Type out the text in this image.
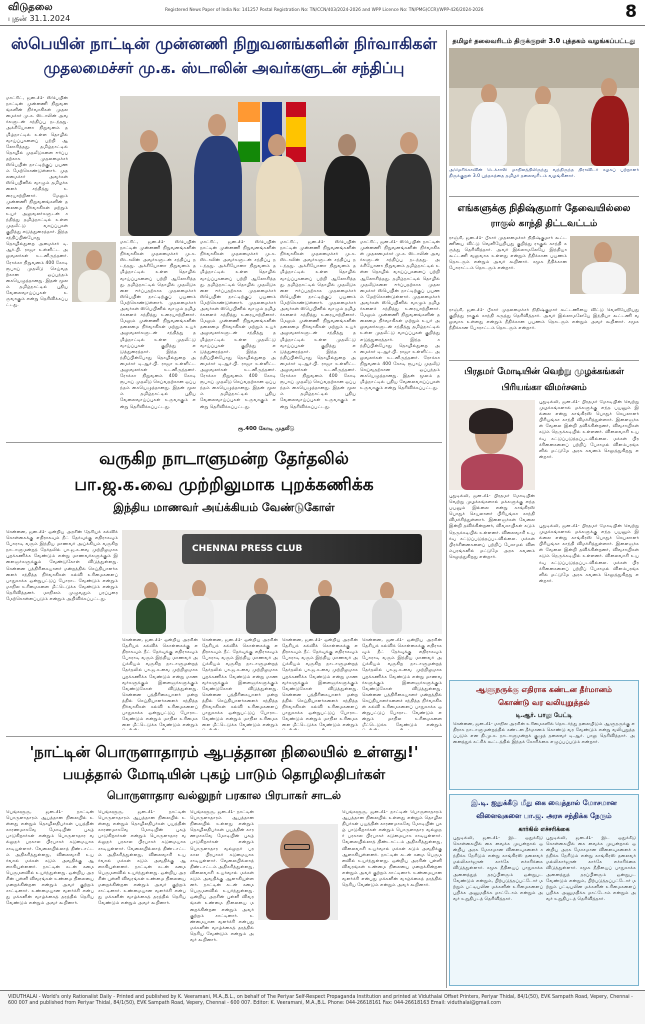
விடுதலை
புதன் 31.1.2024
Registered News Paper of India No: 141257 Postal Registration No: TN/CCN/403/2024-2026 and WPP Licence No: TN/PMG(CCR)/WPP-426/2024-2026	8
ஸ்பெயின் நாட்டின் முன்னணி நிறுவனங்களின் நிர்வாகிகள்
முதலமைச்சர் மு.க. ஸ்டாலின் அவர்களுடன் சந்திப்பு
மாட்ரிட், ஜன.31- ஸ்பெயின் நாட்டின் முன்னணி நிறுவனங்களின் நிர்வாகிகள் முதலமைச்சர் மு.க. ஸ்டாலின் அவர்களுடன் சந்திப்பு நடந்தது. அக்சியோனா நிறுவனம் தமிழ்நாட்டில் உள்ள தொழில் வாய்ப்புகளைப் பற்றி ஆலோசித்தது. தமிழ்நாட்டில் தொழில் முதலீடுகளை ஈர்ப்பதற்காக முதலமைச்சர் ஸ்பெயின் நாட்டிற்குப் பயணம் மேற்கொண்டுள்ளார். முதலமைச்சர் அவர்கள் ஸ்பெயினில் வாழும் தமிழர்களைச் சந்தித்து உரையாற்றினார். மேலும் முன்னணி நிறுவனங்களின் தலைமை நிர்வாகிகள் மற்றும் உயர் அலுவலர்களுடன் சந்தித்து தமிழ்நாட்டில் உள்ள முதலீட்டு வாய்ப்புகள் குறித்து எடுத்துரைத்தார். இந்த சந்திப்பின்போது தொழில்துறை அமைச்சர் டி.ஆர்.பி. ராஜா உள்ளிட்ட அலுவலர்கள் உடனிருந்தனர். ரோக்கா நிறுவனம் 400 கோடி ரூபாய் முதலீடு செய்வதற்கான ஒப்பந்தம் கையெழுத்தானது. இதன் மூலம் தமிழ்நாட்டில் புதிய வேலைவாய்ப்புகள் உருவாகும் என்று தெரிவிக்கப்பட்டது.
மாட்ரிட், ஜன.31- ஸ்பெயின் நாட்டின் முன்னணி நிறுவனங்களின் நிர்வாகிகள் முதலமைச்சர் மு.க. ஸ்டாலின் அவர்களுடன் சந்திப்பு நடந்தது. அக்சியோனா நிறுவனம் தமிழ்நாட்டில் உள்ள தொழில் வாய்ப்புகளைப் பற்றி ஆலோசித்தது. தமிழ்நாட்டில் தொழில் முதலீடுகளை ஈர்ப்பதற்காக முதலமைச்சர் ஸ்பெயின் நாட்டிற்குப் பயணம் மேற்கொண்டுள்ளார். முதலமைச்சர் அவர்கள் ஸ்பெயினில் வாழும் தமிழர்களைச் சந்தித்து உரையாற்றினார். மேலும் முன்னணி நிறுவனங்களின் தலைமை நிர்வாகிகள் மற்றும் உயர் அலுவலர்களுடன் சந்தித்து தமிழ்நாட்டில் உள்ள முதலீட்டு வாய்ப்புகள் குறித்து எடுத்துரைத்தார். இந்த சந்திப்பின்போது தொழில்துறை அமைச்சர் டி.ஆர்.பி. ராஜா உள்ளிட்ட அலுவலர்கள் உடனிருந்தனர். ரோக்கா நிறுவனம் 400 கோடி ரூபாய் முதலீடு செய்வதற்கான ஒப்பந்தம் கையெழுத்தானது. இதன் மூலம் தமிழ்நாட்டில் புதிய வேலைவாய்ப்புகள் உருவாகும் என்று தெரிவிக்கப்பட்டது.
மாட்ரிட், ஜன.31- ஸ்பெயின் நாட்டின் முன்னணி நிறுவனங்களின் நிர்வாகிகள் முதலமைச்சர் மு.க. ஸ்டாலின் அவர்களுடன் சந்திப்பு நடந்தது. அக்சியோனா நிறுவனம் தமிழ்நாட்டில் உள்ள தொழில் வாய்ப்புகளைப் பற்றி ஆலோசித்தது. தமிழ்நாட்டில் தொழில் முதலீடுகளை ஈர்ப்பதற்காக முதலமைச்சர் ஸ்பெயின் நாட்டிற்குப் பயணம் மேற்கொண்டுள்ளார். முதலமைச்சர் அவர்கள் ஸ்பெயினில் வாழும் தமிழர்களைச் சந்தித்து உரையாற்றினார். மேலும் முன்னணி நிறுவனங்களின் தலைமை நிர்வாகிகள் மற்றும் உயர் அலுவலர்களுடன் சந்தித்து தமிழ்நாட்டில் உள்ள முதலீட்டு வாய்ப்புகள் குறித்து எடுத்துரைத்தார். இந்த சந்திப்பின்போது தொழில்துறை அமைச்சர் டி.ஆர்.பி. ராஜா உள்ளிட்ட அலுவலர்கள் உடனிருந்தனர். ரோக்கா நிறுவனம் 400 கோடி ரூபாய் முதலீடு செய்வதற்கான ஒப்பந்தம் கையெழுத்தானது. இதன் மூலம் தமிழ்நாட்டில் புதிய வேலைவாய்ப்புகள் உருவாகும் என்று தெரிவிக்கப்பட்டது.
மாட்ரிட், ஜன.31- ஸ்பெயின் நாட்டின் முன்னணி நிறுவனங்களின் நிர்வாகிகள் முதலமைச்சர் மு.க. ஸ்டாலின் அவர்களுடன் சந்திப்பு நடந்தது. அக்சியோனா நிறுவனம் தமிழ்நாட்டில் உள்ள தொழில் வாய்ப்புகளைப் பற்றி ஆலோசித்தது. தமிழ்நாட்டில் தொழில் முதலீடுகளை ஈர்ப்பதற்காக முதலமைச்சர் ஸ்பெயின் நாட்டிற்குப் பயணம் மேற்கொண்டுள்ளார். முதலமைச்சர் அவர்கள் ஸ்பெயினில் வாழும் தமிழர்களைச் சந்தித்து உரையாற்றினார். மேலும் முன்னணி நிறுவனங்களின் தலைமை நிர்வாகிகள் மற்றும் உயர் அலுவலர்களுடன் சந்தித்து தமிழ்நாட்டில் உள்ள முதலீட்டு வாய்ப்புகள் குறித்து எடுத்துரைத்தார். இந்த சந்திப்பின்போது தொழில்துறை அமைச்சர் டி.ஆர்.பி. ராஜா உள்ளிட்ட அலுவலர்கள் உடனிருந்தனர். ரோக்கா நிறுவனம் 400 கோடி ரூபாய் முதலீடு செய்வதற்கான ஒப்பந்தம் கையெழுத்தானது. இதன் மூலம் தமிழ்நாட்டில் புதிய வேலைவாய்ப்புகள் உருவாகும் என்று தெரிவிக்கப்பட்டது.
மாட்ரிட், ஜன.31- ஸ்பெயின் நாட்டின் முன்னணி நிறுவனங்களின் நிர்வாகிகள் முதலமைச்சர் மு.க. ஸ்டாலின் அவர்களுடன் சந்திப்பு நடந்தது. அக்சியோனா நிறுவனம் தமிழ்நாட்டில் உள்ள தொழில் வாய்ப்புகளைப் பற்றி ஆலோசித்தது. தமிழ்நாட்டில் தொழில் முதலீடுகளை ஈர்ப்பதற்காக முதலமைச்சர் ஸ்பெயின் நாட்டிற்குப் பயணம் மேற்கொண்டுள்ளார். முதலமைச்சர் அவர்கள் ஸ்பெயினில் வாழும் தமிழர்களைச் சந்தித்து உரையாற்றினார். மேலும் முன்னணி நிறுவனங்களின் தலைமை நிர்வாகிகள் மற்றும் உயர் அலுவலர்களுடன் சந்தித்து தமிழ்நாட்டில் உள்ள முதலீட்டு வாய்ப்புகள் குறித்து எடுத்துரைத்தார். இந்த சந்திப்பின்போது தொழில்துறை அமைச்சர் டி.ஆர்.பி. ராஜா உள்ளிட்ட அலுவலர்கள் உடனிருந்தனர். ரோக்கா நிறுவனம் 400 கோடி ரூபாய் முதலீடு செய்வதற்கான ஒப்பந்தம் கையெழுத்தானது. இதன் மூலம் தமிழ்நாட்டில் புதிய வேலைவாய்ப்புகள் உருவாகும் என்று தெரிவிக்கப்பட்டது.
ரூ.400 கோடி முதலீடு
வருகிற நாடாளுமன்ற தேர்தலில்
பா.ஜ.க.வை முற்றிலுமாக புறக்கணிக்க
இந்திய மாணவர் அய்க்கியம் வேண்டுகோள்
சென்னை, ஜன.31- ஒன்றிய அரசின் தேசியக் கல்விக் கொள்கைக்கு எதிராகவும் நீட் தேர்வுக்கு எதிராகவும் போராடி வரும் இந்திய மாணவர் அய்க்கியம் வருகிற நாடாளுமன்றத் தேர்தலில் பா.ஜ.க.வை முற்றிலுமாக புறக்கணிக்க வேண்டும் என்று மாணவர்களுக்கும் இளைஞர்களுக்கும் வேண்டுகோள் விடுத்துள்ளது. சென்னை பத்திரிகையாளர் மன்றத்தில் செய்தியாளர்களைச் சந்தித்த நிர்வாகிகள் கல்வி உரிமைகளைப் பாதுகாக்க ஒன்றுபட்டுப் போராட வேண்டும் என்றும் மாநில உரிமைகளை மீட்டெடுக்க வேண்டும் என்றும் தெரிவித்தனர். மாநிலம் முழுவதும் பரப்புரை மேற்கொள்ளப்படும் என்றும் அறிவிக்கப்பட்டது.
CHENNAI PRESS CLUB
சென்னை, ஜன.31- ஒன்றிய அரசின் தேசியக் கல்விக் கொள்கைக்கு எதிராகவும் நீட் தேர்வுக்கு எதிராகவும் போராடி வரும் இந்திய மாணவர் அய்க்கியம் வருகிற நாடாளுமன்றத் தேர்தலில் பா.ஜ.க.வை முற்றிலுமாக புறக்கணிக்க வேண்டும் என்று மாணவர்களுக்கும் இளைஞர்களுக்கும் வேண்டுகோள் விடுத்துள்ளது. சென்னை பத்திரிகையாளர் மன்றத்தில் செய்தியாளர்களைச் சந்தித்த நிர்வாகிகள் கல்வி உரிமைகளைப் பாதுகாக்க ஒன்றுபட்டுப் போராட வேண்டும் என்றும் மாநில உரிமைகளை மீட்டெடுக்க வேண்டும் என்றும்
சென்னை, ஜன.31- ஒன்றிய அரசின் தேசியக் கல்விக் கொள்கைக்கு எதிராகவும் நீட் தேர்வுக்கு எதிராகவும் போராடி வரும் இந்திய மாணவர் அய்க்கியம் வருகிற நாடாளுமன்றத் தேர்தலில் பா.ஜ.க.வை முற்றிலுமாக புறக்கணிக்க வேண்டும் என்று மாணவர்களுக்கும் இளைஞர்களுக்கும் வேண்டுகோள் விடுத்துள்ளது. சென்னை பத்திரிகையாளர் மன்றத்தில் செய்தியாளர்களைச் சந்தித்த நிர்வாகிகள் கல்வி உரிமைகளைப் பாதுகாக்க ஒன்றுபட்டுப் போராட வேண்டும் என்றும் மாநில உரிமைகளை மீட்டெடுக்க வேண்டும் என்றும்
சென்னை, ஜன.31- ஒன்றிய அரசின் தேசியக் கல்விக் கொள்கைக்கு எதிராகவும் நீட் தேர்வுக்கு எதிராகவும் போராடி வரும் இந்திய மாணவர் அய்க்கியம் வருகிற நாடாளுமன்றத் தேர்தலில் பா.ஜ.க.வை முற்றிலுமாக புறக்கணிக்க வேண்டும் என்று மாணவர்களுக்கும் இளைஞர்களுக்கும் வேண்டுகோள் விடுத்துள்ளது. சென்னை பத்திரிகையாளர் மன்றத்தில் செய்தியாளர்களைச் சந்தித்த நிர்வாகிகள் கல்வி உரிமைகளைப் பாதுகாக்க ஒன்றுபட்டுப் போராட வேண்டும் என்றும் மாநில உரிமைகளை மீட்டெடுக்க வேண்டும் என்றும்
சென்னை, ஜன.31- ஒன்றிய அரசின் தேசியக் கல்விக் கொள்கைக்கு எதிராகவும் நீட் தேர்வுக்கு எதிராகவும் போராடி வரும் இந்திய மாணவர் அய்க்கியம் வருகிற நாடாளுமன்றத் தேர்தலில் பா.ஜ.க.வை முற்றிலுமாக புறக்கணிக்க வேண்டும் என்று மாணவர்களுக்கும் இளைஞர்களுக்கும் வேண்டுகோள் விடுத்துள்ளது. சென்னை பத்திரிகையாளர் மன்றத்தில் செய்தியாளர்களைச் சந்தித்த நிர்வாகிகள் கல்வி உரிமைகளைப் பாதுகாக்க ஒன்றுபட்டுப் போராட வேண்டும் என்றும் மாநில உரிமைகளை மீட்டெடுக்க வேண்டும் என்றும்
'நாட்டின் பொருளாதாரம் ஆபத்தான நிலையில் உள்ளது!'
பயத்தால் மோடியின் புகழ் பாடும் தொழிலதிபர்கள்
பொருளாதார வல்லுநர் பரகால பிரபாகர் சாடல்
பெங்களூரு, ஜன.31- நாட்டின் பொருளாதாரம் ஆபத்தான நிலையில் உள்ளது என்றும் தொழிலதிபர்கள் பயத்தின் காரணமாகவே மோடியின் புகழ் பாடுகிறார்கள் என்றும் பொருளாதார வல்லுநர் பரகால பிரபாகர் கடுமையாக சாடியுள்ளார். வேலையில்லாத் திண்டாட்டம் அதிகரித்துள்ளது, விலைவாசி உயர்வால் மக்கள் கடும் அவதிக்கு ஆளாகியுள்ளனர். நாட்டின் கடன் சுமை பெருமளவில் உயர்ந்துள்ளது. ஒன்றிய அரசின் புள்ளி விவரங்கள் உண்மை நிலையை மறைக்கின்றன என்றும் அவர் குற்றம் சாட்டினார். உண்மையான வளர்ச்சி என்பது மக்களின் வாழ்க்கைத் தரத்தில் தெரிய வேண்டும் என்றும் அவர் கூறினார்.
பெங்களூரு, ஜன.31- நாட்டின் பொருளாதாரம் ஆபத்தான நிலையில் உள்ளது என்றும் தொழிலதிபர்கள் பயத்தின் காரணமாகவே மோடியின் புகழ் பாடுகிறார்கள் என்றும் பொருளாதார வல்லுநர் பரகால பிரபாகர் கடுமையாக சாடியுள்ளார். வேலையில்லாத் திண்டாட்டம் அதிகரித்துள்ளது, விலைவாசி உயர்வால் மக்கள் கடும் அவதிக்கு ஆளாகியுள்ளனர். நாட்டின் கடன் சுமை பெருமளவில் உயர்ந்துள்ளது. ஒன்றிய அரசின் புள்ளி விவரங்கள் உண்மை நிலையை மறைக்கின்றன என்றும் அவர் குற்றம் சாட்டினார். உண்மையான வளர்ச்சி என்பது மக்களின் வாழ்க்கைத் தரத்தில் தெரிய வேண்டும் என்றும் அவர் கூறினார்.
பெங்களூரு, ஜன.31- நாட்டின் பொருளாதாரம் ஆபத்தான நிலையில் உள்ளது என்றும் தொழிலதிபர்கள் பயத்தின் காரணமாகவே மோடியின் புகழ் பாடுகிறார்கள் என்றும் பொருளாதார வல்லுநர் பரகால பிரபாகர் கடுமையாக சாடியுள்ளார். வேலையில்லாத் திண்டாட்டம் அதிகரித்துள்ளது, விலைவாசி உயர்வால் மக்கள் கடும் அவதிக்கு ஆளாகியுள்ளனர். நாட்டின் கடன் சுமை பெருமளவில் உயர்ந்துள்ளது. ஒன்றிய அரசின் புள்ளி விவரங்கள் உண்மை நிலையை மறைக்கின்றன என்றும் அவர் குற்றம் சாட்டினார். உண்மையான வளர்ச்சி என்பது மக்களின் வாழ்க்கைத் தரத்தில் தெரிய வேண்டும் என்றும் அவர் கூறினார்.
பெங்களூரு, ஜன.31- நாட்டின் பொருளாதாரம் ஆபத்தான நிலையில் உள்ளது என்றும் தொழிலதிபர்கள் பயத்தின் காரணமாகவே மோடியின் புகழ் பாடுகிறார்கள் என்றும் பொருளாதார வல்லுநர் பரகால பிரபாகர் கடுமையாக சாடியுள்ளார். வேலையில்லாத் திண்டாட்டம் அதிகரித்துள்ளது, விலைவாசி உயர்வால் மக்கள் கடும் அவதிக்கு ஆளாகியுள்ளனர். நாட்டின் கடன் சுமை பெருமளவில் உயர்ந்துள்ளது. ஒன்றிய அரசின் புள்ளி விவரங்கள் உண்மை நிலையை மறைக்கின்றன என்றும் அவர் குற்றம் சாட்டினார். உண்மையான வளர்ச்சி என்பது மக்களின் வாழ்க்கைத் தரத்தில் தெரிய வேண்டும் என்றும் அவர் கூறினார்.
தமிழர் தலைவரிடம் திருக்குறள் 3.0 புத்தகம் வழங்கப்பட்டது
அமெரிக்காவின் டெக்சாஸ் மாநிலத்திலிருந்து வந்திருந்த திராவிடர் கழகப் பற்றாளர் திருக்குறள் 3.0 புத்தகத்தை தமிழர் தலைவரிடம் வழங்கினார்.
எங்களுக்கு நிதிஷ்குமார் தேவையில்லை
ராகுல் காந்தி திட்டவட்டம்
ராஞ்சி, ஜன.31- பீகார் முதலமைச்சர் நிதிஷ்குமார் கூட்டணியை விட்டு வெளியேறியது குறித்து ராகுல் காந்தி கருத்து தெரிவித்தார். அவர் இல்லாமலேயே இந்தியா கூட்டணி வலுவாக உள்ளது என்றும் நீதிக்கான பயணம் தொடரும் என்றும் அவர் கூறினார். சமூக நீதிக்கான போராட்டம் தொடரும் என்றார்.
ராஞ்சி, ஜன.31- பீகார் முதலமைச்சர் நிதிஷ்குமார் கூட்டணியை விட்டு வெளியேறியது குறித்து ராகுல் காந்தி கருத்து தெரிவித்தார். அவர் இல்லாமலேயே இந்தியா கூட்டணி வலுவாக உள்ளது என்றும் நீதிக்கான பயணம் தொடரும் என்றும் அவர் கூறினார். சமூக நீதிக்கான போராட்டம் தொடரும் என்றார்.
பிரதமர் மோடியின் வெற்று முழக்கங்கள்
பிரியங்கா விமர்சனம்
புதுடில்லி, ஜன.31- பிரதமர் மோடியின் வெற்று முழக்கங்களால் மக்களுக்கு எந்த பயனும் இல்லை என்று காங்கிரஸ் பொதுச் செயலாளர் பிரியங்கா காந்தி விமர்சித்துள்ளார். இளைஞர்கள் வேலை இன்றி தவிக்கின்றனர், விவசாயிகள் கடும் நெருக்கடியில் உள்ளனர். விலைவாசி உயர்வு கட்டுப்படுத்தப்படவில்லை. மக்கள் பிரச்சினைகளைப் பற்றிப் பேசாமல் விளம்பரங்களில் மட்டுமே அரசு கவனம் செலுத்துகிறது என்றார்.
புதுடில்லி, ஜன.31- பிரதமர் மோடியின் வெற்று முழக்கங்களால் மக்களுக்கு எந்த பயனும் இல்லை என்று காங்கிரஸ் பொதுச் செயலாளர் பிரியங்கா காந்தி விமர்சித்துள்ளார். இளைஞர்கள் வேலை இன்றி தவிக்கின்றனர், விவசாயிகள் கடும் நெருக்கடியில் உள்ளனர். விலைவாசி உயர்வு கட்டுப்படுத்தப்படவில்லை. மக்கள் பிரச்சினைகளைப் பற்றிப் பேசாமல் விளம்பரங்களில் மட்டுமே அரசு கவனம் செலுத்துகிறது என்றார்.
புதுடில்லி, ஜன.31- பிரதமர் மோடியின் வெற்று முழக்கங்களால் மக்களுக்கு எந்த பயனும் இல்லை என்று காங்கிரஸ் பொதுச் செயலாளர் பிரியங்கா காந்தி விமர்சித்துள்ளார். இளைஞர்கள் வேலை இன்றி தவிக்கின்றனர், விவசாயிகள் கடும் நெருக்கடியில் உள்ளனர். விலைவாசி உயர்வு கட்டுப்படுத்தப்படவில்லை. மக்கள் பிரச்சினைகளைப் பற்றிப் பேசாமல் விளம்பரங்களில் மட்டுமே அரசு கவனம் செலுத்துகிறது என்றார்.
ஆளுநருக்கு எதிராக கண்டன தீர்மானம்
கொண்டு வர வலியுறுத்தல்
டி.ஆர். பாலு பேட்டி
சென்னை, ஜன.31- மாநில அரசின் உரிமைகளில் தொடர்ந்து தலையிடும் ஆளுநருக்கு எதிராக நாடாளுமன்றத்தில் கண்டன தீர்மானம் கொண்டு வர வேண்டும் என்று வலியுறுத்தப்படும் என தி.மு.க. நாடாளுமன்றக் குழுத் தலைவர் டி.ஆர். பாலு தெரிவித்தார். அனைத்துக் கட்சிக் கூட்டத்தில் இந்தக் கோரிக்கை எழுப்பப்படும் என்றார்.
இ.டி. ஐதுக்கீடு மீது கை வைத்தால் மோசமான
விளைவுகளை பா.ஜ. அரசு சந்திக்க நேரும்
கார்கில் எச்சரிக்கை
புதுடில்லி, ஜன.31- இட ஒதுக்கீடு கொள்கையில் கை வைக்க முயன்றால் ஒன்றிய அரசு மோசமான விளைவுகளைச் சந்திக்க நேரிடும் என்று காங்கிரஸ் தலைவர் மல்லிகார்ஜுன் கார்கே எச்சரிக்கை விடுத்துள்ளார். சமூக நீதியைப் பாதுகாக்க அனைத்துத் தரப்பினரும் ஒன்றுபட வேண்டும் என்றும், பிற்படுத்தப்பட்டோர் மற்றும் பட்டியலின மக்களின் உரிமைகளைப் பறிக்க அனுமதிக்க மாட்டோம் என்றும் அவர் உறுதிபடத் தெரிவித்தார்.
புதுடில்லி, ஜன.31- இட ஒதுக்கீடு கொள்கையில் கை வைக்க முயன்றால் ஒன்றிய அரசு மோசமான விளைவுகளைச் சந்திக்க நேரிடும் என்று காங்கிரஸ் தலைவர் மல்லிகார்ஜுன் கார்கே எச்சரிக்கை விடுத்துள்ளார். சமூக நீதியைப் பாதுகாக்க அனைத்துத் தரப்பினரும் ஒன்றுபட வேண்டும் என்றும், பிற்படுத்தப்பட்டோர் மற்றும் பட்டியலின மக்களின் உரிமைகளைப் பறிக்க அனுமதிக்க மாட்டோம் என்றும் அவர் உறுதிபடத் தெரிவித்தார்.
VIDUTHALAI - World's only Rationalist Daily - Printed and published by K. Veeramani, M.A.,B.L., on behalf of The Periyar Self-Respect Propaganda Institution and printed at Viduthalai Offset Printers, Periyar Thidal, 84/1(50), EVK Sampath Road, Vepery, Chennai - 600 007 and published from Periyar Thidal, 84/1(50), EVK Sampath Road, Vepery, Chennai - 600 007. Editor: K. Veeramani, M.A.,B.L. Phone: 044-26618161 Fax: 044-26618163 Email: viduthalai@gmail.com
